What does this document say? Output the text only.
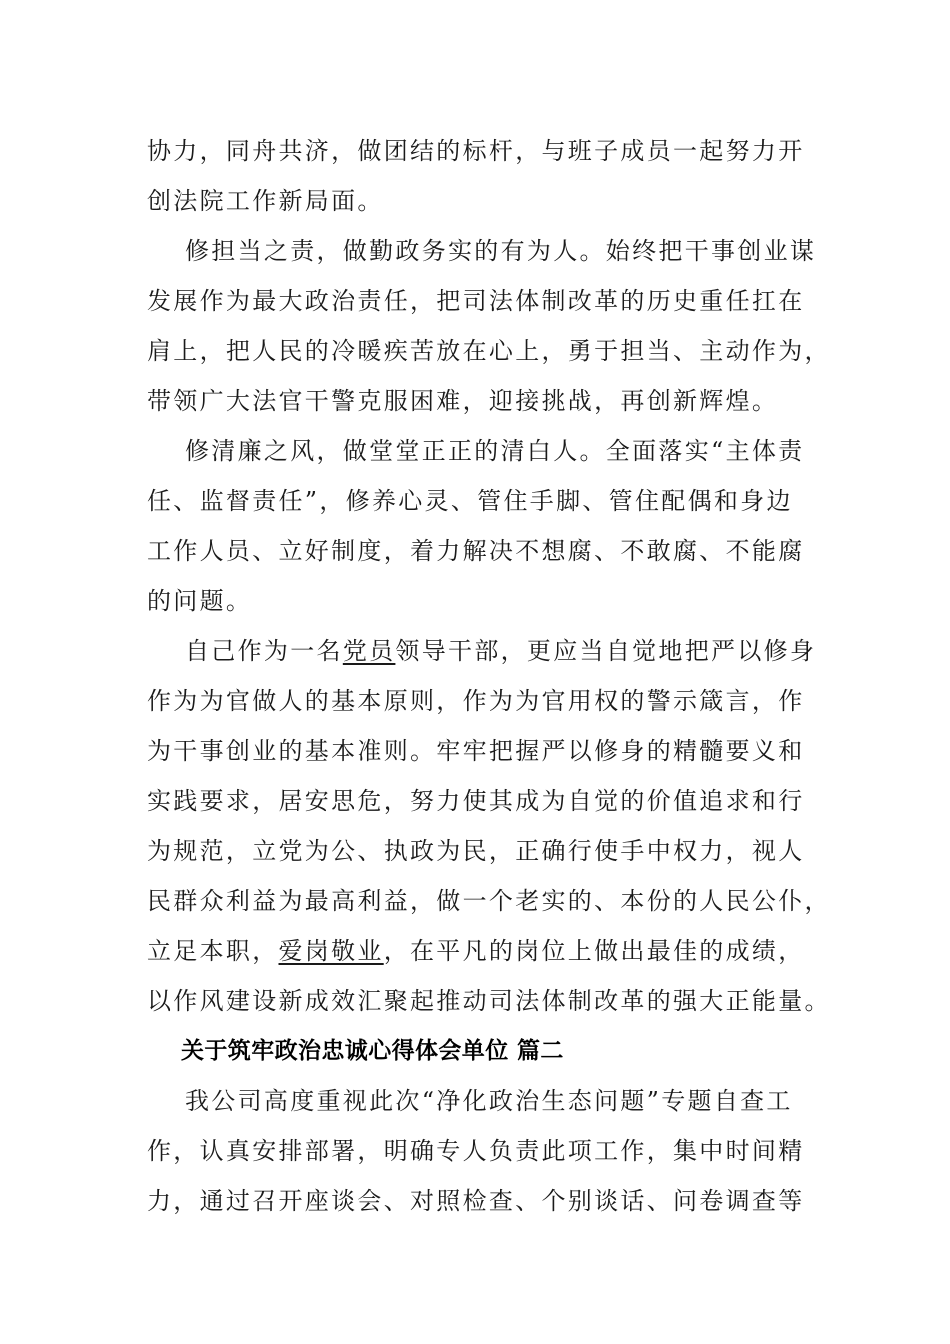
协力，同舟共济，做团结的标杆，与班子成员一起努力开
创法院工作新局面。
修担当之责，做勤政务实的有为人。始终把干事创业谋
发展作为最大政治责任，把司法体制改革的历史重任扛在
肩上，把人民的冷暖疾苦放在心上，勇于担当、主动作为，
带领广大法官干警克服困难，迎接挑战，再创新辉煌。
修清廉之风，做堂堂正正的清白人。全面落实“主体责
任、监督责任”，修养心灵、管住手脚、管住配偶和身边
工作人员、立好制度，着力解决不想腐、不敢腐、不能腐
的问题。
自己作为一名党员领导干部，更应当自觉地把严以修身
作为为官做人的基本原则，作为为官用权的警示箴言，作
为干事创业的基本准则。牢牢把握严以修身的精髓要义和
实践要求，居安思危，努力使其成为自觉的价值追求和行
为规范，立党为公、执政为民，正确行使手中权力，视人
民群众利益为最高利益，做一个老实的、本份的人民公仆，
立足本职，爱岗敬业，在平凡的岗位上做出最佳的成绩，
以作风建设新成效汇聚起推动司法体制改革的强大正能量。
关于筑牢政治忠诚心得体会单位 篇二
我公司高度重视此次“净化政治生态问题”专题自查工
作，认真安排部署，明确专人负责此项工作，集中时间精
力，通过召开座谈会、对照检查、个别谈话、问卷调查等
